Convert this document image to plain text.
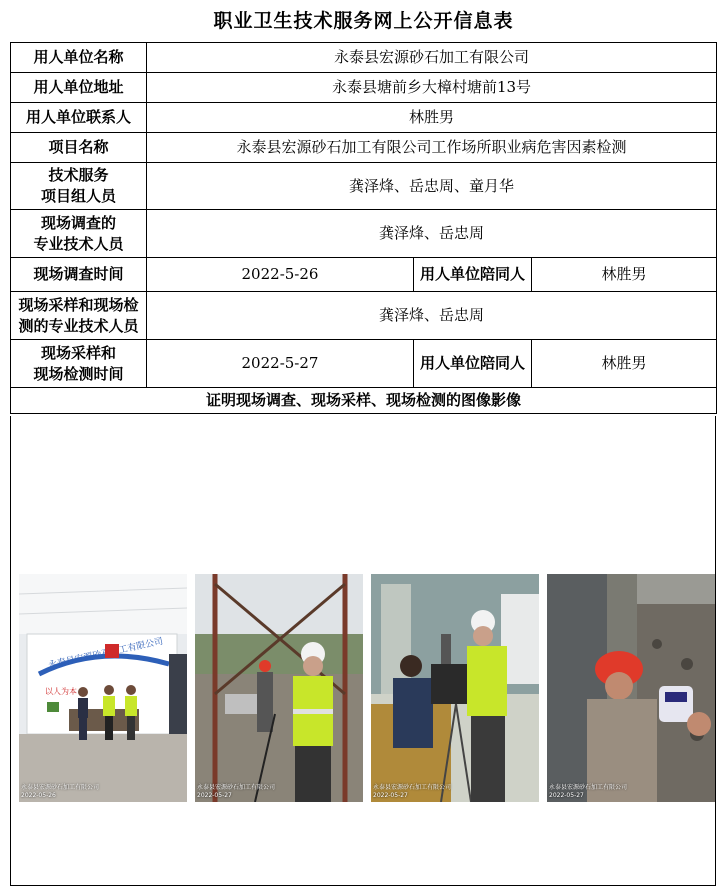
职业卫生技术服务网上公开信息表
用人单位名称	永泰县宏源砂石加工有限公司		
用人单位地址	永泰县塘前乡大樟村塘前13号		
用人单位联系人	林胜男		
项目名称	永泰县宏源砂石加工有限公司工作场所职业病危害因素检测		

技术服务
项目组人员	龚泽烽、岳忠周、童月华		

现场调查的
专业技术人员	龚泽烽、岳忠周		
现场调查时间	2022-5-26	用人单位陪同人	林胜男

现场采样和现场检
测的专业技术人员	龚泽烽、岳忠周		

现场采样和
现场检测时间	2022-5-27	用人单位陪同人	林胜男
证明现场调查、现场采样、现场检测的图像影像			
以人为本
永泰县宏源砂石加工有限公司
2022-05-26
永泰县宏源砂石加工有限公司
2022-05-27
永泰县宏源砂石加工有限公司
2022-05-27
永泰县宏源砂石加工有限公司
2022-05-27
